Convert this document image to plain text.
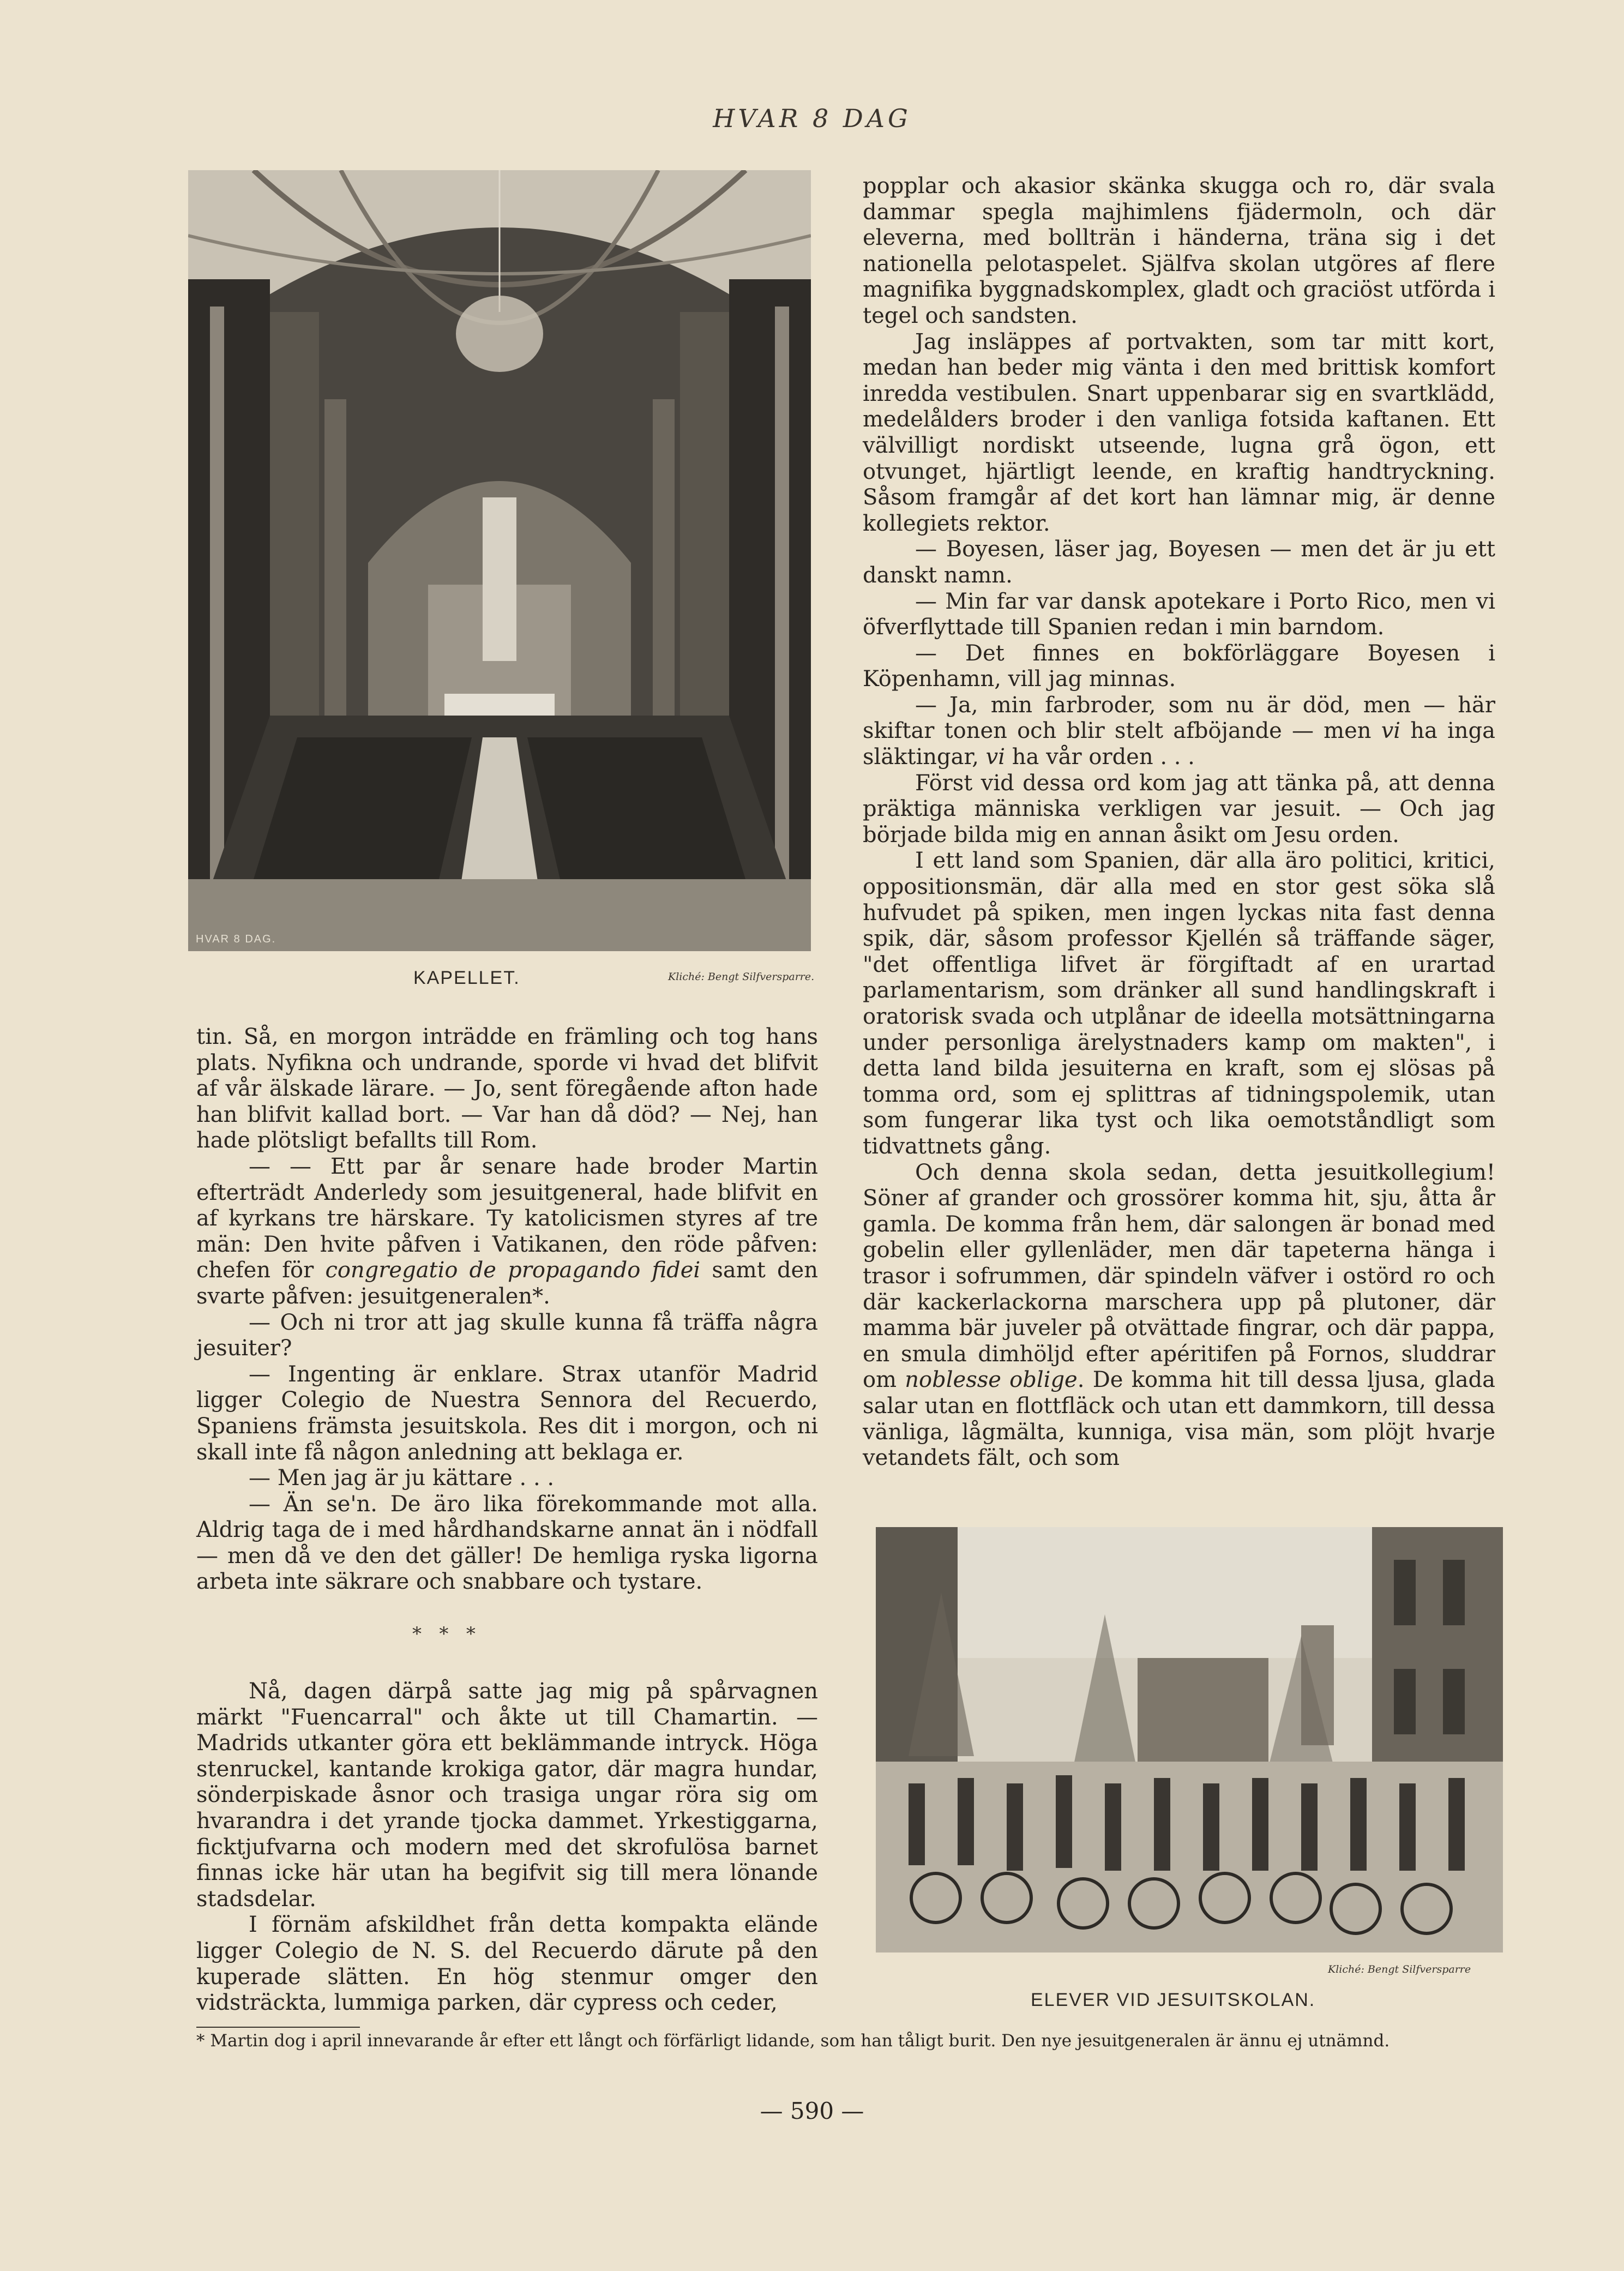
HVAR 8 DAG
HVAR 8 DAG.
KAPELLET.	Kliché: Bengt Silfversparre.

tin. Så, en morgon inträdde en främling och tog hans plats. Nyfikna och undrande, sporde vi hvad det blifvit af vår älskade lärare. — Jo, sent föregående afton hade han blifvit kallad bort. — Var han då död? — Nej, han hade plötsligt befallts till Rom.

— — Ett par år senare hade broder Martin efterträdt Anderledy som jesuitgeneral, hade blifvit en af kyrkans tre härskare. Ty katolicismen styres af tre män: Den hvite påfven i Vatikanen, den röde påfven: chefen för congregatio de propagando fidei samt den svarte påfven: jesuitgeneralen*.

— Och ni tror att jag skulle kunna få träffa några jesuiter?

— Ingenting är enklare. Strax utanför Madrid ligger Colegio de Nuestra Sennora del Recuerdo, Spaniens främsta jesuitskola. Res dit i morgon, och ni skall inte få någon anledning att beklaga er.

— Men jag är ju kättare . . .

— Än se'n. De äro lika förekommande mot alla. Aldrig taga de i med hårdhandskarne annat än i nödfall — men då ve den det gäller! De hemliga ryska ligorna arbeta inte säkrare och snabbare och tystare.

*   *   *

Nå, dagen därpå satte jag mig på spårvagnen märkt "Fuencarral" och åkte ut till Chamartin. — Madrids utkanter göra ett beklämmande intryck. Höga stenruckel, kantande krokiga gator, där magra hundar, sönderpiskade åsnor och trasiga ungar röra sig om hvarandra i det yrande tjocka dammet. Yrkestiggarna, ficktjufvarna och modern med det skrofulösa barnet finnas icke här utan ha begifvit sig till mera lönande stadsdelar.

I förnäm afskildhet från detta kompakta elände ligger Colegio de N. S. del Recuerdo därute på den kuperade slätten. En hög stenmur omger den vidsträckta, lummiga parken, där cypress och ceder,

popplar och akasior skänka skugga och ro, där svala dammar spegla majhimlens fjädermoln, och där eleverna, med bollträn i händerna, träna sig i det nationella pelotaspelet. Själfva skolan utgöres af flere magnifika byggnadskomplex, gladt och graciöst utförda i tegel och sandsten.

Jag insläppes af portvakten, som tar mitt kort, medan han beder mig vänta i den med brittisk komfort inredda vestibulen. Snart uppenbarar sig en svartklädd, medelålders broder i den vanliga fotsida kaftanen. Ett välvilligt nordiskt utseende, lugna grå ögon, ett otvunget, hjärtligt leende, en kraftig handtryckning. Såsom framgår af det kort han lämnar mig, är denne kollegiets rektor.

— Boyesen, läser jag, Boyesen — men det är ju ett danskt namn.

— Min far var dansk apotekare i Porto Rico, men vi öfverflyttade till Spanien redan i min barndom.

— Det finnes en bokförläggare Boyesen i Köpenhamn, vill jag minnas.

— Ja, min farbroder, som nu är död, men — här skiftar tonen och blir stelt afböjande — men vi ha inga släktingar, vi ha vår orden . . .

Först vid dessa ord kom jag att tänka på, att denna präktiga människa verkligen var jesuit. — Och jag började bilda mig en annan åsikt om Jesu orden.

I ett land som Spanien, där alla äro politici, kritici, oppositionsmän, där alla med en stor gest söka slå hufvudet på spiken, men ingen lyckas nita fast denna spik, där, såsom professor Kjellén så träffande säger, "det offentliga lifvet är förgiftadt af en urartad parlamentarism, som dränker all sund handlingskraft i oratorisk svada och utplånar de ideella motsättningarna under personliga ärelystnaders kamp om makten", i detta land bilda jesuiterna en kraft, som ej slösas på tomma ord, som ej splittras af tidningspolemik, utan som fungerar lika tyst och lika oemotståndligt som tidvattnets gång.

Och denna skola sedan, detta jesuitkollegium! Söner af grander och grossörer komma hit, sju, åtta år gamla. De komma från hem, där salongen är bonad med gobelin eller gyllenläder, men där tapeterna hänga i trasor i sofrummen, där spindeln väfver i ostörd ro och där kackerlackorna marschera upp på plutoner, där mamma bär juveler på otvättade fingrar, och där pappa, en smula dimhöljd efter apéritifen på Fornos, sluddrar om noblesse oblige. De komma hit till dessa ljusa, glada salar utan en flottfläck och utan ett dammkorn, till dessa vänliga, lågmälta, kunniga, visa män, som plöjt hvarje vetandets fält, och som

Kliché: Bengt Silfversparre
ELEVER VID JESUITSKOLAN.
* Martin dog i april innevarande år efter ett långt och förfärligt lidande, som han tåligt burit. Den nye jesuitgeneralen är ännu ej utnämnd.
— 590 —
